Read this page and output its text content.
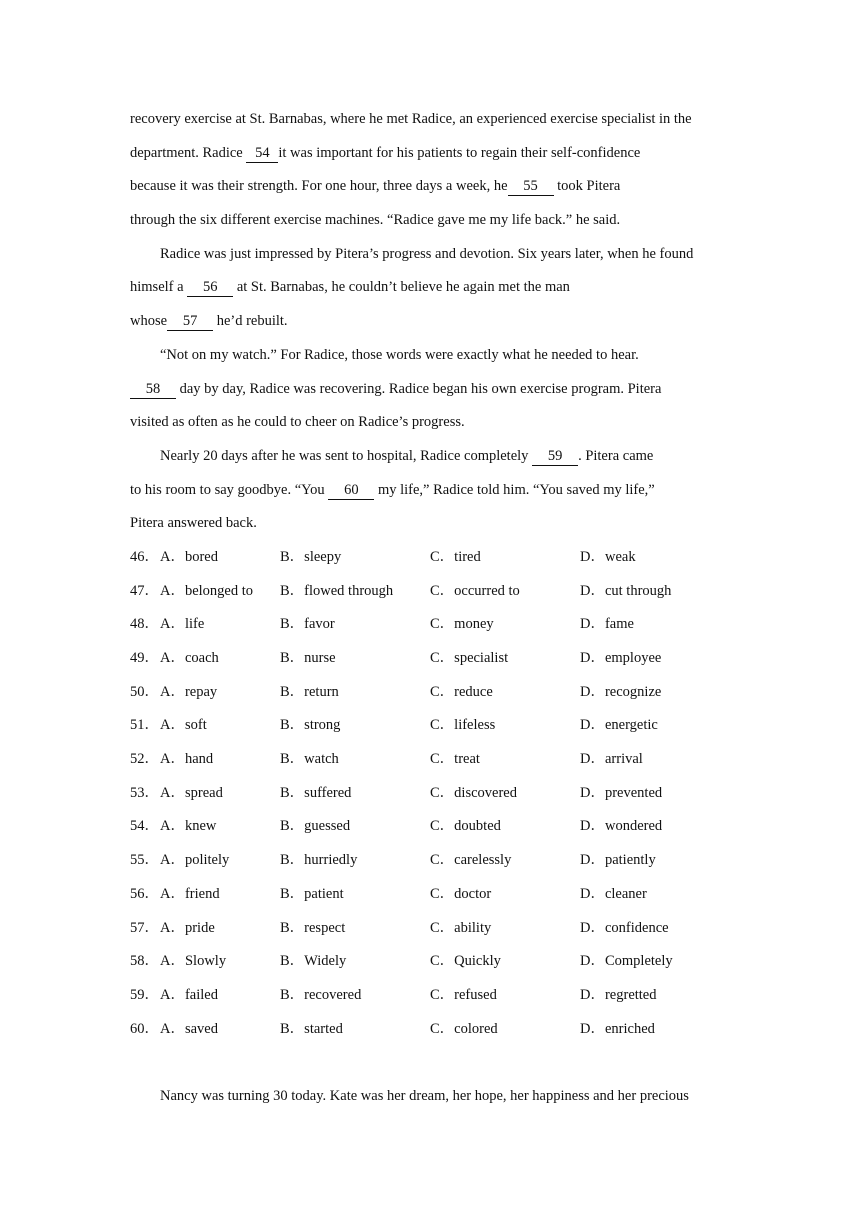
recovery exercise at St. Barnabas, where he met Radice, an experienced exercise specialist in the
department. Radice 54 it was important for his patients to regain their self-confidence
because it was their strength. For one hour, three days a week, he 55 took Pitera
through the six different exercise machines. “Radice gave me my life back.” he said.
Radice was just impressed by Pitera’s progress and devotion. Six years later, when he found
himself a 56 at St. Barnabas, he couldn’t believe he again met the man
whose 57 he’d rebuilt.
“Not on my watch.” For Radice, those words were exactly what he needed to hear.
58 day by day, Radice was recovering. Radice began his own exercise program. Pitera
visited as often as he could to cheer on Radice’s progress.
Nearly 20 days after he was sent to hospital, Radice completely 59 . Pitera came
to his room to say goodbye. “You 60 my life,” Radice told him. “You saved my life,”
Pitera answered back.
46． A．bored	B．sleepy	C．tired	D．weak
47． A．belonged to B．flowed through	C．occurred to	D．cut through
48． A．life	B．favor	C．money	D．fame
49． A．coach	B．nurse	C．specialist	D．employee
50． A．repay	B．return	C．reduce	D．recognize
51． A．soft	B．strong	C．lifeless	D．energetic
52． A．hand	B．watch	C．treat	D．arrival
53． A．spread	B．suffered	C．discovered	D．prevented
54． A．knew	B．guessed	C．doubted	D．wondered
55． A．politely	B．hurriedly	C．carelessly	D．patiently
56． A．friend	B．patient	C．doctor	D．cleaner
57． A．pride	B．respect	C．ability	D．confidence
58． A．Slowly	B．Widely	C．Quickly	D．Completely
59． A．failed	B．recovered	C．refused	D．regretted
60． A．saved	B．started	C．colored	D．enriched
Nancy was turning 30 today. Kate was her dream, her hope, her happiness and her precious
